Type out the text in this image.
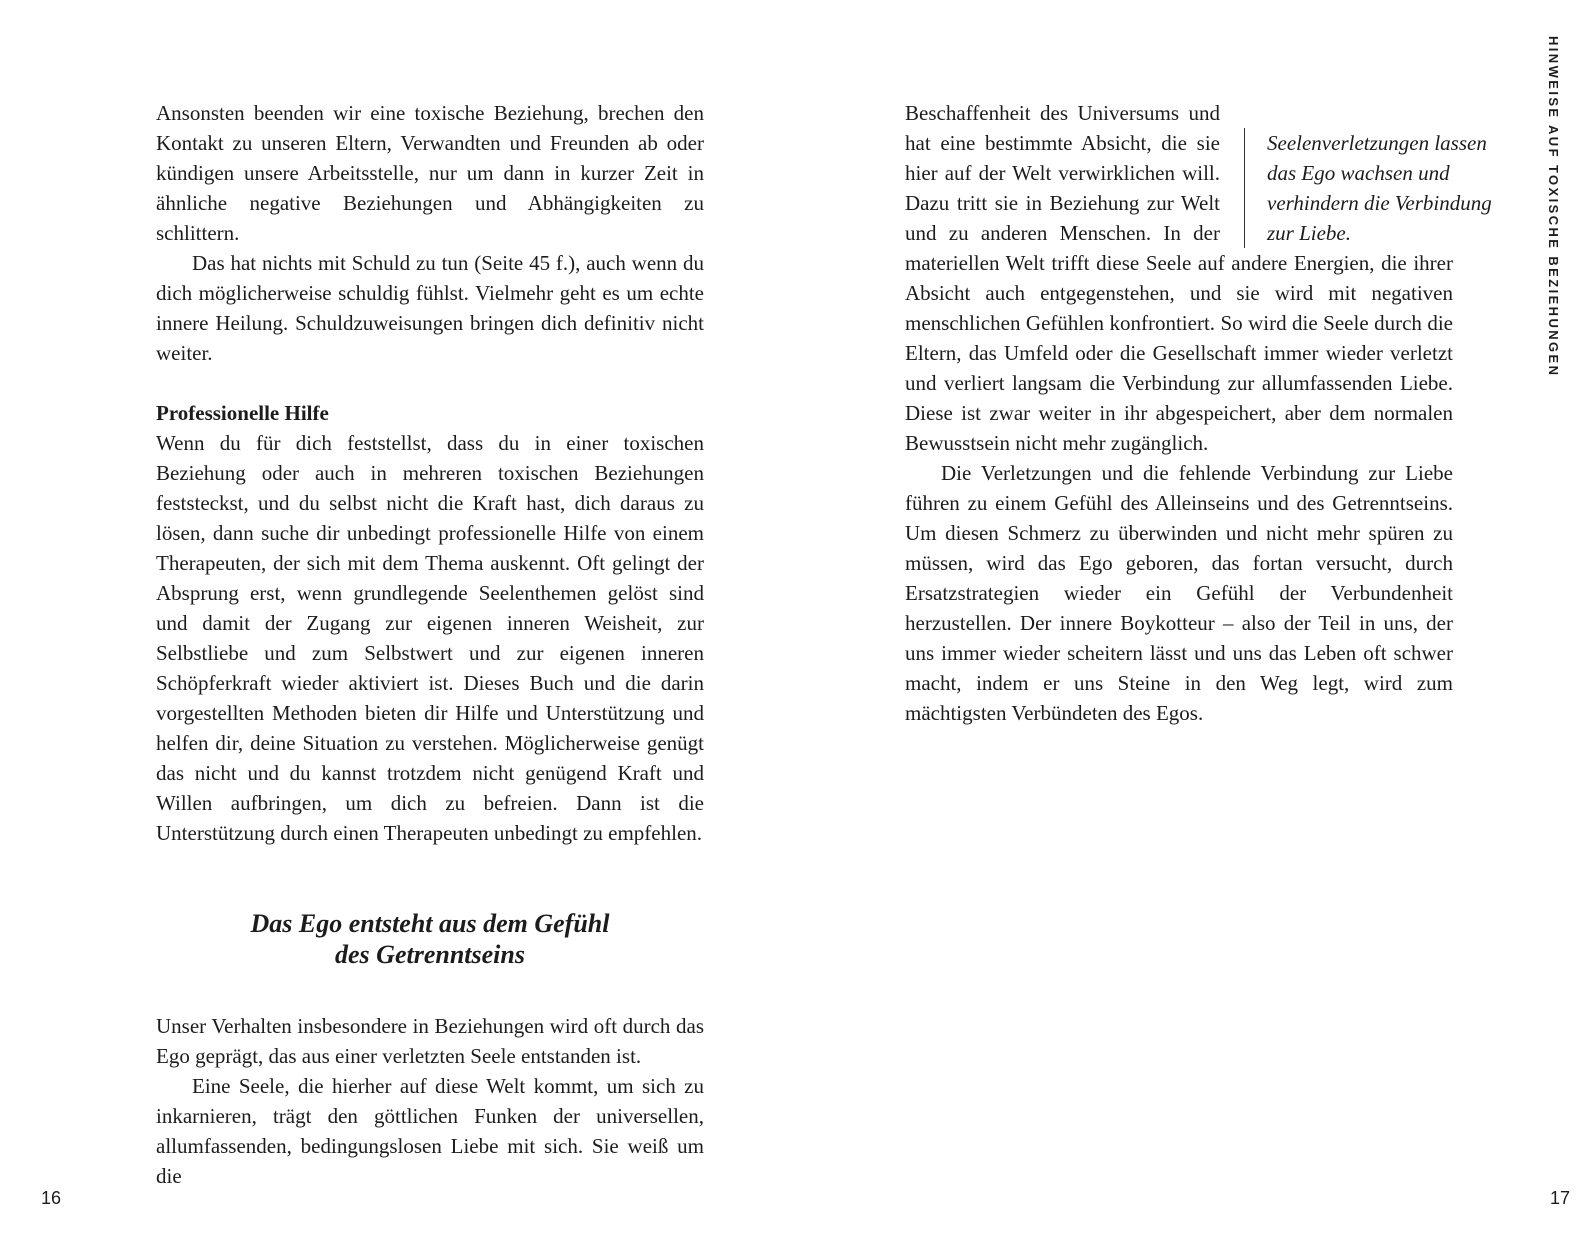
Ansonsten beenden wir eine toxische Beziehung, brechen den Kontakt zu unseren Eltern, Verwandten und Freunden ab oder kündigen unsere Arbeitsstelle, nur um dann in kurzer Zeit in ähnliche negative Beziehungen und Abhängigkeiten zu schlittern.

Das hat nichts mit Schuld zu tun (Seite 45 f.), auch wenn du dich möglicherweise schuldig fühlst. Vielmehr geht es um echte innere Heilung. Schuldzuweisungen bringen dich definitiv nicht weiter.

Professionelle Hilfe

Wenn du für dich feststellst, dass du in einer toxischen Beziehung oder auch in mehreren toxischen Beziehungen feststeckst, und du selbst nicht die Kraft hast, dich daraus zu lösen, dann suche dir unbedingt professionelle Hilfe von einem Therapeuten, der sich mit dem Thema auskennt. Oft gelingt der Absprung erst, wenn grundlegende Seelenthemen gelöst sind und damit der Zugang zur eigenen inneren Weisheit, zur Selbstliebe und zum Selbstwert und zur eigenen inneren Schöpferkraft wieder aktiviert ist. Dieses Buch und die darin vorgestellten Methoden bieten dir Hilfe und Unterstützung und helfen dir, deine Situation zu verstehen. Möglicherweise genügt das nicht und du kannst trotzdem nicht genügend Kraft und Willen aufbringen, um dich zu befreien. Dann ist die Unterstützung durch einen Therapeuten unbedingt zu empfehlen.

Das Ego entsteht aus dem Gefühl
des Getrenntseins

Unser Verhalten insbesondere in Beziehungen wird oft durch das Ego geprägt, das aus einer verletzten Seele entstanden ist.

Eine Seele, die hierher auf diese Welt kommt, um sich zu inkarnieren, trägt den göttlichen Funken der universellen, allumfassenden, bedingungslosen Liebe mit sich. Sie weiß um die

Seelenverletzungen lassen das Ego wachsen und verhindern die Verbindung zur Liebe.

Beschaffenheit des Universums und hat eine bestimmte Absicht, die sie hier auf der Welt verwirklichen will. Dazu tritt sie in Beziehung zur Welt und zu anderen Menschen. In der materiellen Welt trifft diese Seele auf andere Energien, die ihrer Absicht auch entgegenstehen, und sie wird mit negativen menschlichen Gefühlen konfrontiert. So wird die Seele durch die Eltern, das Umfeld oder die Gesellschaft immer wieder verletzt und verliert langsam die Verbindung zur allumfassenden Liebe. Diese ist zwar weiter in ihr abgespeichert, aber dem normalen Bewusstsein nicht mehr zugänglich.

Die Verletzungen und die fehlende Verbindung zur Liebe führen zu einem Gefühl des Alleinseins und des Getrenntseins. Um diesen Schmerz zu überwinden und nicht mehr spüren zu müssen, wird das Ego geboren, das fortan versucht, durch Ersatzstrategien wieder ein Gefühl der Verbundenheit herzustellen. Der innere Boykotteur – also der Teil in uns, der uns immer wieder scheitern lässt und uns das Leben oft schwer macht, indem er uns Steine in den Weg legt, wird zum mächtigsten Verbündeten des Egos.

HINWEISE AUF TOXISCHE BEZIEHUNGEN
16	17
